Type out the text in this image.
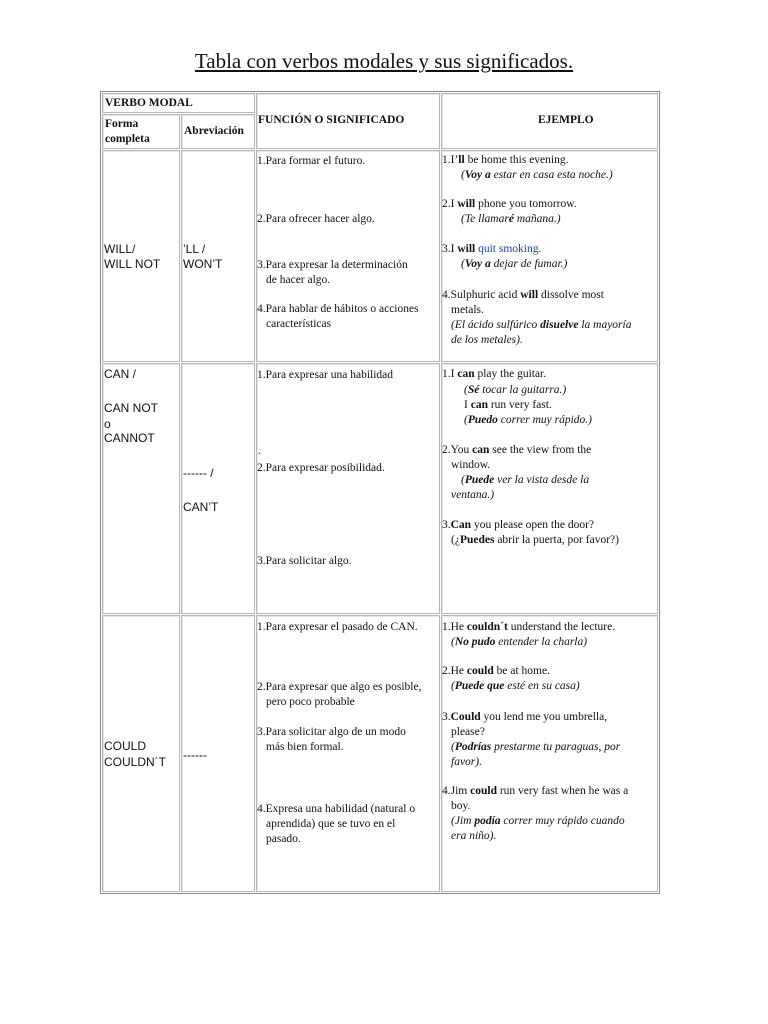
Tabla con verbos modales y sus significados.
VERBO MODAL
Forma
completa
Abreviación
FUNCIÓN O SIGNIFICADO	EJEMPLO
WILL/
WILL NOT
’LL /
WON’T
1.Para formar el futuro.
2.Para ofrecer hacer algo.
3.Para expresar la determinación
de hacer algo.
4.Para hablar de hábitos o acciones
características
1.I’ll be home this evening.
(Voy a estar en casa esta noche.)
2.I will phone you tomorrow.
(Te llamaré mañana.)
3.I will quit smoking.
(Voy a dejar de fumar.)
4.Sulphuric acid will dissolve most
metals.
(El ácido sulfúrico disuelve la mayoría
de los metales).
CAN /
CAN NOT
o
CANNOT
------ /
CAN’T
1.Para expresar una habilidad
.
2.Para expresar posibilidad.
3.Para solicitar algo.
1.I can play the guitar.
(Sé tocar la guitarra.)
I can run very fast.
(Puedo correr muy rápido.)
2.You can see the view from the
window.
(Puede ver la vista desde la
ventana.)
3.Can you please open the door?
(¿Puedes abrir la puerta, por favor?)
COULD
COULDN´T ------
1.Para expresar el pasado de CAN.
2.Para expresar que algo es posible,
pero poco probable
3.Para solicitar algo de un modo
más bien formal.
4.Expresa una habilidad (natural o
aprendida) que se tuvo en el
pasado.
1.He couldn´t understand the lecture.
(No pudo entender la charla)
2.He could be at home.
(Puede que esté en su casa)
3.Could you lend me you umbrella,
please?
(Podrías prestarme tu paraguas, por
favor).
4.Jim could run very fast when he was a
boy.
(Jim podía correr muy rápido cuando
era niño).
